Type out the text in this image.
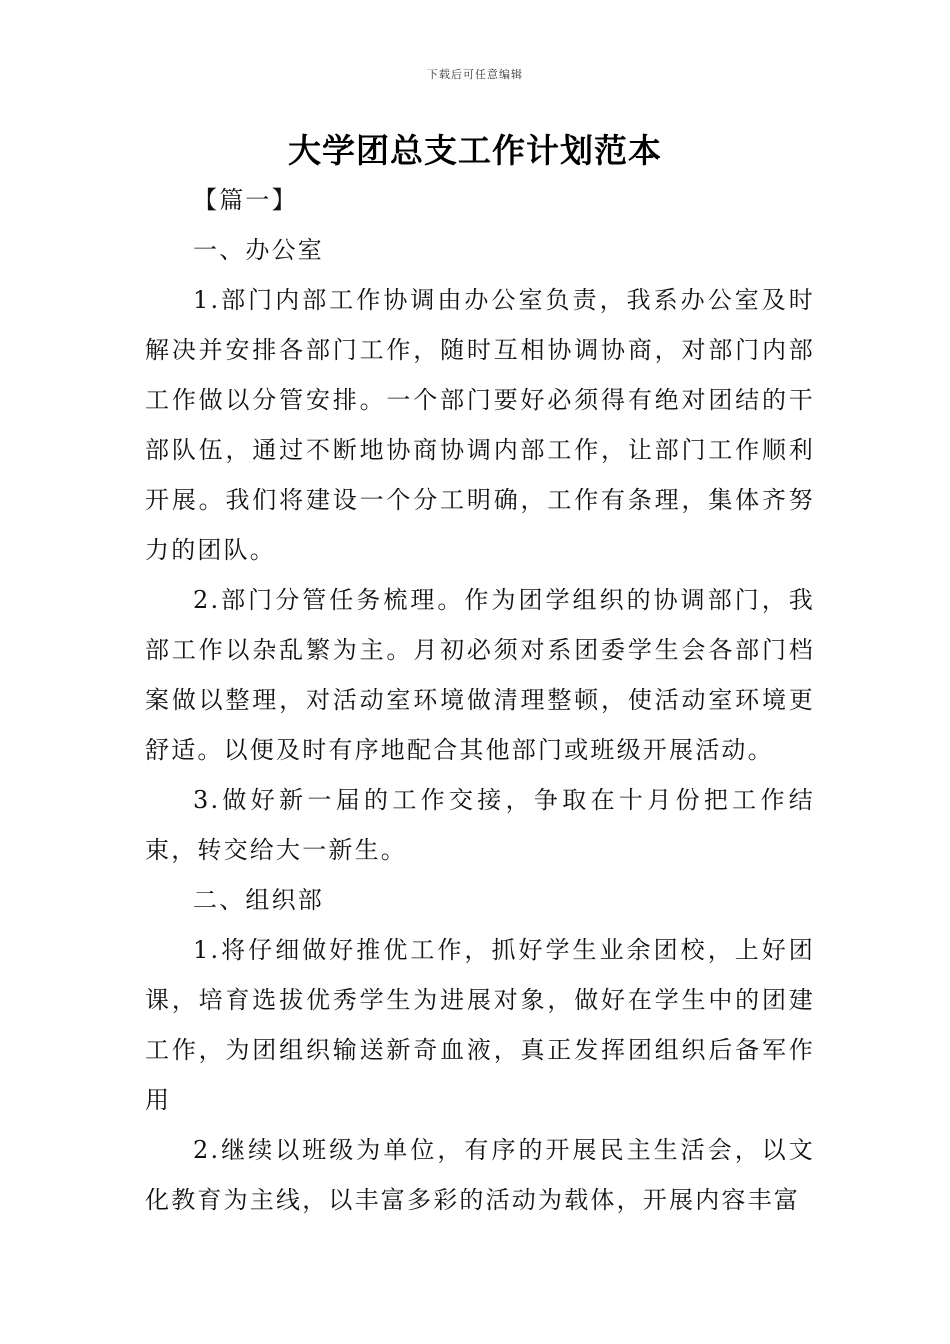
下载后可任意编辑
大学团总支工作计划范本

【篇一】

一、办公室

1.部门内部工作协调由办公室负责，我系办公室及时解决并安排各部门工作，随时互相协调协商，对部门内部工作做以分管安排。一个部门要好必须得有绝对团结的干部队伍，通过不断地协商协调内部工作，让部门工作顺利开展。我们将建设一个分工明确，工作有条理，集体齐努力的团队。

2.部门分管任务梳理。作为团学组织的协调部门，我部工作以杂乱繁为主。月初必须对系团委学生会各部门档案做以整理，对活动室环境做清理整顿，使活动室环境更舒适。以便及时有序地配合其他部门或班级开展活动。

3.做好新一届的工作交接，争取在十月份把工作结束，转交给大一新生。

二、组织部

1.将仔细做好推优工作，抓好学生业余团校，上好团课，培育选拔优秀学生为进展对象，做好在学生中的团建工作，为团组织输送新奇血液，真正发挥团组织后备军作用

2.继续以班级为单位，有序的开展民主生活会，以文化教育为主线，以丰富多彩的活动为载体，开展内容丰富
